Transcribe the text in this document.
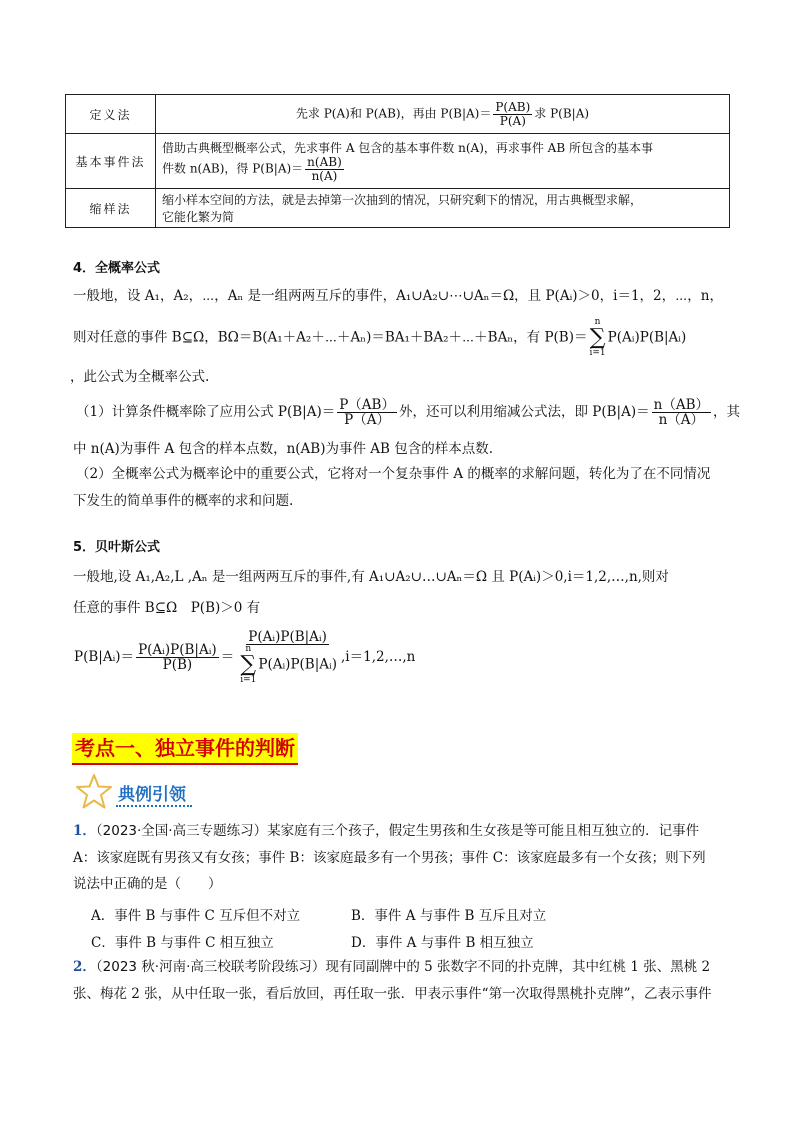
定义法	先求 P(A)和 P(AB)，再由 $P(B|A)= \frac{P(AB)}{P(A)}$ 求 P(B|A)
基本事件法	借助古典概型概率公式，先求事件 A 包含的基本事件数 n(A)，再求事件 AB 所包含的基本事
件数 n(AB)，得 $P(B|A)= \frac{n(AB)}{n(A)}$

缩样法	缩小样本空间的方法，就是去掉第一次抽到的情况，只研究剩下的情况，用古典概型求解，
它能化繁为简
4．全概率公式
一般地，设 A₁，A₂，⋯，Aₙ 是一组两两互斥的事件，A₁∪A₂∪⋯∪Aₙ＝Ω，且 P(Aᵢ)＞0，i＝1，2，⋯，n，
则对任意的事件 B⊆Ω，BΩ＝B(A₁＋A₂＋⋯＋Aₙ)＝BA₁＋BA₂＋⋯＋BAₙ，有 P(B)＝
n
∑
i=1
P(Aᵢ)P(B|Aᵢ)
，此公式为全概率公式.
（1）计算条件概率除了应用公式 $P(B|A)= \frac{P(AB)}{P(A)}$ 外，还可以利用缩减公式法，即 $P(B|A)= \frac{n(AB)}{n(A)}$ ，其
中 n(A)为事件 A 包含的样本点数，n(AB)为事件 AB 包含的样本点数.
（2）全概率公式为概率论中的重要公式，它将对一个复杂事件 A 的概率的求解问题，转化为了在不同情况
下发生的简单事件的概率的求和问题.
5．贝叶斯公式
一般地,设 A₁,A₂,L ,Aₙ 是一组两两互斥的事件,有 A₁∪A₂∪…∪Aₙ＝Ω 且 P(Aᵢ)＞0,i＝1,2,…,n,则对
任意的事件 B⊆Ω　P(B)＞0 有
P(B|Aᵢ)＝ $\frac{\text{P(Aᵢ)P(B|Aᵢ)}}{P(B)}$ ＝ P(Aᵢ)P(B|Aᵢ)
n
∑
i=1
P(Aᵢ)P(B|Aᵢ) ,i＝1,2,…,n
考点一、独立事件的判断
典例引领
1．（2023·全国·高三专题练习）某家庭有三个孩子，假定生男孩和生女孩是等可能且相互独立的．记事件
A：该家庭既有男孩又有女孩；事件 B：该家庭最多有一个男孩；事件 C：该家庭最多有一个女孩；则下列
说法中正确的是（　　）
A．事件 B 与事件 C 互斥但不对立	B．事件 A 与事件 B 互斥且对立
C．事件 B 与事件 C 相互独立	D．事件 A 与事件 B 相互独立
2．（2023 秋·河南·高三校联考阶段练习）现有同副牌中的 5 张数字不同的扑克牌，其中红桃 1 张、黑桃 2
张、梅花 2 张，从中任取一张，看后放回，再任取一张．甲表示事件“第一次取得黑桃扑克牌”，乙表示事件
